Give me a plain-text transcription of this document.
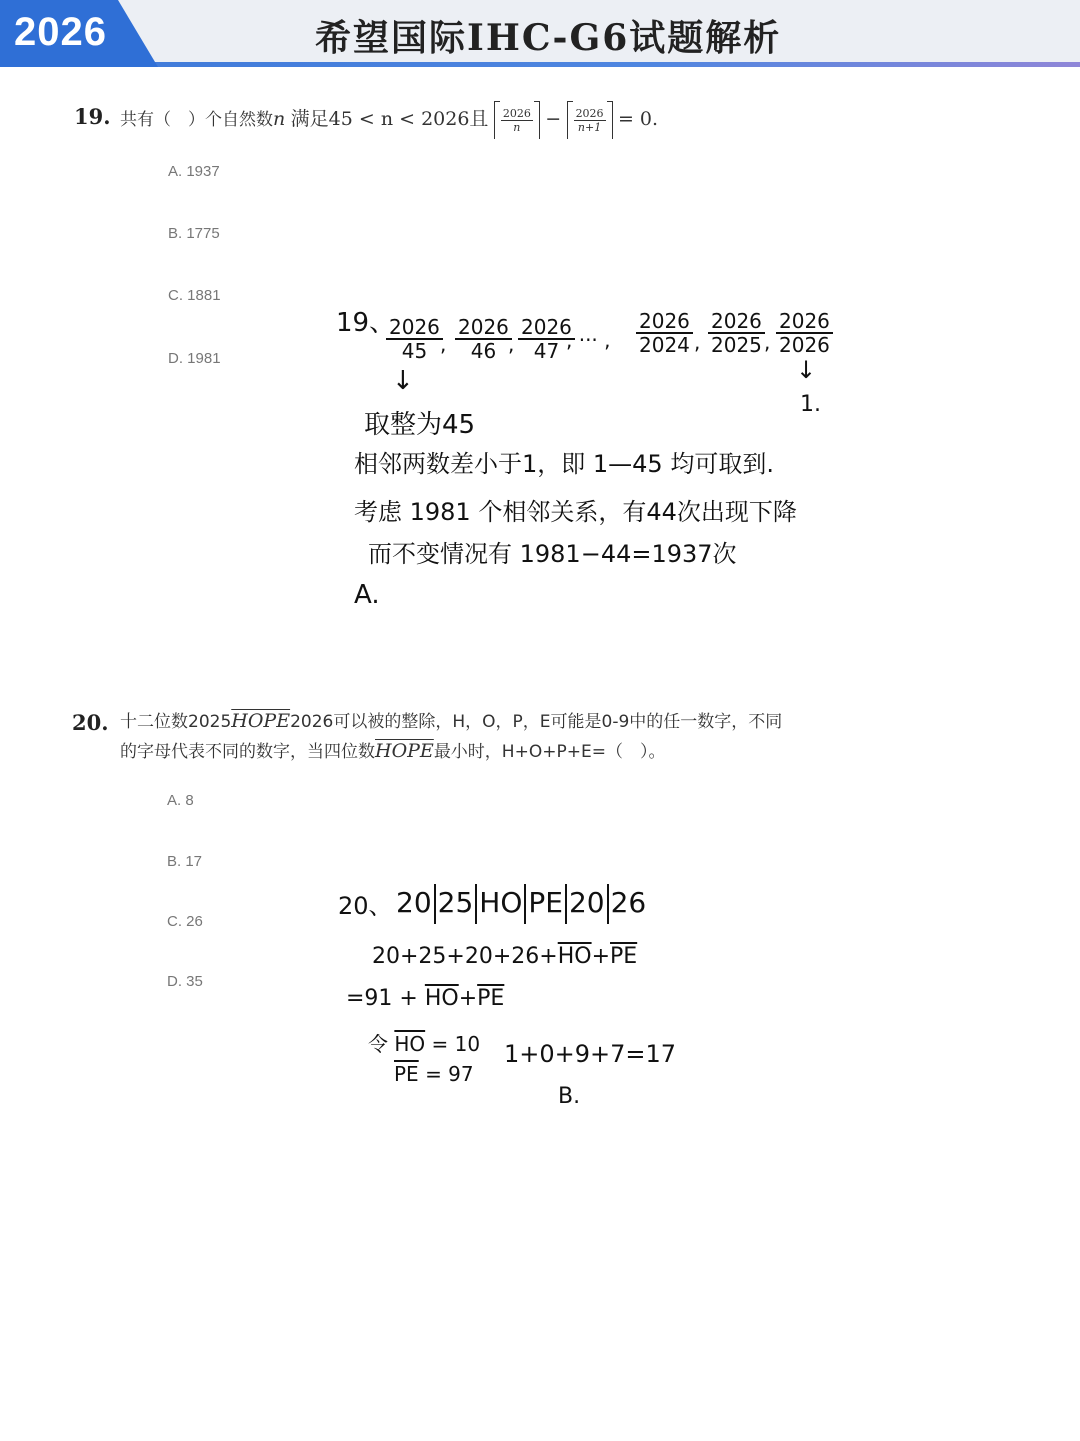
2026	希望国际IHC-G6试题解析
19. 共有（　）个自然数n 满足45 < n < 2026且 $\frac{2026}{n} - \frac{2026}{n+1} = 0$.
A. 1937
B. 1775
C. 1881
D. 1981
19、
$\frac{2026}{45}$
, $\frac{2026}{46}$
, $\frac{2026}{47}$
, ··· , $\frac{2026}{2024}$ , $\frac{2026}{2025}$ , $\frac{2026}{2026}$
↓	↓
1.
取整为45
相邻两数差小于1，即 1—45 均可取到.
考虑 1981 个相邻关系，有44次出现下降
而不变情况有 1981−44=1937次
A.
20. 十二位数2025HOPE2026可以被的整除，H，O，P，E可能是0-9中的任一数字，不同
的字母代表不同的数字，当四位数HOPE最小时，H+O+P+E=（　）。
A. 8
B. 17
C. 26
D. 35
20、 20 25 HO PE 20 26
$20+25+20+26+\overline{HO}+\overline{PE}$
$=91 + \overline{HO}+\overline{PE}$
令 $\overline{HO} = 10$
$\overline{PE} = 97$
1+0+9+7=17
B.
